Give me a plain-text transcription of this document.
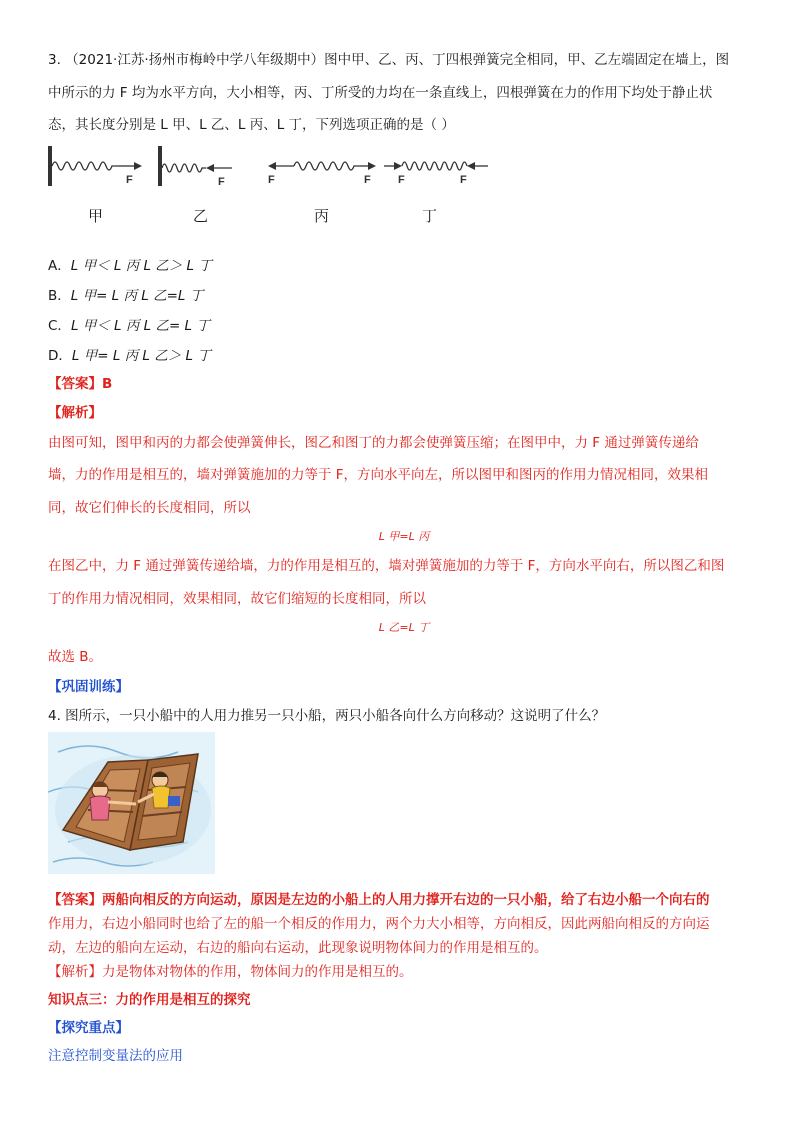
3. （2021·江苏·扬州市梅岭中学八年级期中）图中甲、乙、丙、丁四根弹簧完全相同，甲、乙左端固定在墙上，图
中所示的力 F 均为水平方向，大小相等，丙、丁所受的力均在一条直线上，四根弹簧在力的作用下均处于静止状
态，其长度分别是 L 甲、L 乙、L 丙、L 丁，下列选项正确的是（ ）
F	F	F	F F	F
甲	乙	丙	丁
A．L 甲＜ L 丙 L 乙＞ L 丁
B．L 甲= L 丙 L 乙=L 丁
C．L 甲＜ L 丙 L 乙= L 丁
D．L 甲= L 丙 L 乙＞ L 丁
【答案】B
【解析】
由图可知，图甲和丙的力都会使弹簧伸长，图乙和图丁的力都会使弹簧压缩；在图甲中，力 F 通过弹簧传递给
墙，力的作用是相互的，墙对弹簧施加的力等于 F，方向水平向左，所以图甲和图丙的作用力情况相同，效果相
同，故它们伸长的长度相同，所以
L 甲=L 丙
在图乙中，力 F 通过弹簧传递给墙，力的作用是相互的，墙对弹簧施加的力等于 F，方向水平向右，所以图乙和图
丁的作用力情况相同，效果相同，故它们缩短的长度相同，所以
L 乙=L 丁
故选 B。
【巩固训练】
4. 图所示，一只小船中的人用力推另一只小船，两只小船各向什么方向移动？这说明了什么？
【答案】两船向相反的方向运动，原因是左边的小船上的人用力撑开右边的一只小船，给了右边小船一个向右的
作用力，右边小船同时也给了左的船一个相反的作用力，两个力大小相等，方向相反，因此两船向相反的方向运
动，左边的船向左运动，右边的船向右运动，此现象说明物体间力的作用是相互的。
【解析】力是物体对物体的作用，物体间力的作用是相互的。
知识点三：力的作用是相互的探究
【探究重点】
注意控制变量法的应用
